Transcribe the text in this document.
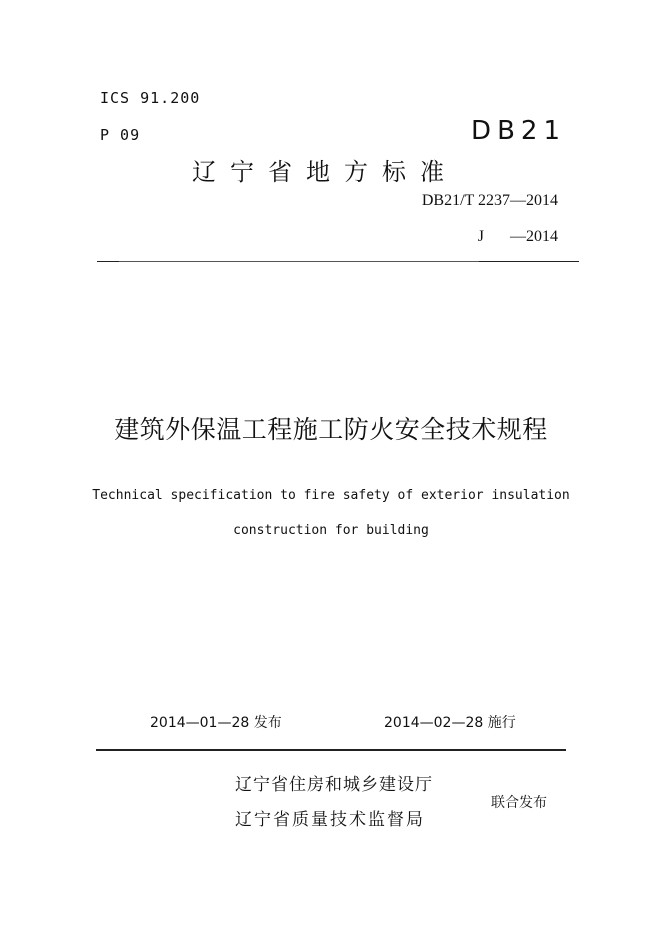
ICS 91.200
P 09	DB21
辽宁省地方标准
DB21/T 2237—2014
J —2014
建筑外保温工程施工防火安全技术规程
Technical specification to fire safety of exterior insulation
construction for building
2014—01—28 发布	2014—02—28 施行
辽宁省住房和城乡建设厅
辽宁省质量技术监督局
联合发布
